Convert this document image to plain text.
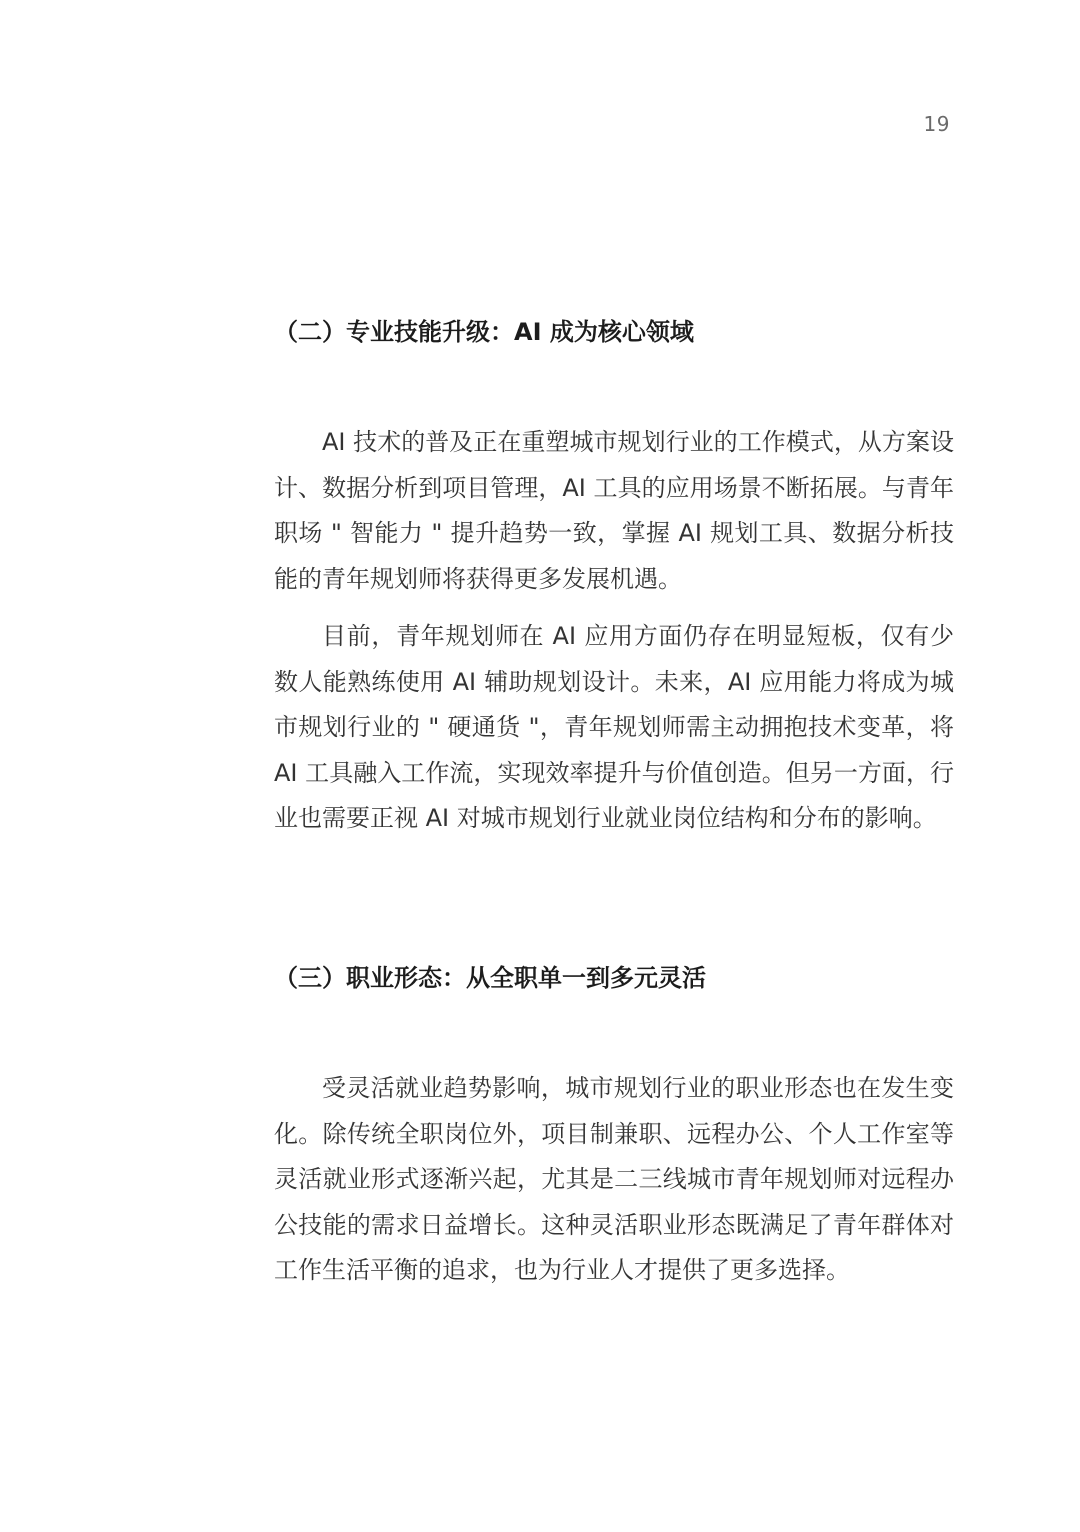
19
（二）专业技能升级：AI 成为核心领域

AI 技术的普及正在重塑城市规划行业的工作模式，从方案设计、数据分析到项目管理，AI 工具的应用场景不断拓展。与青年职场 " 智能力 " 提升趋势一致，掌握 AI 规划工具、数据分析技能的青年规划师将获得更多发展机遇。

目前，青年规划师在 AI 应用方面仍存在明显短板，仅有少数人能熟练使用 AI 辅助规划设计。未来，AI 应用能力将成为城市规划行业的 " 硬通货 "，青年规划师需主动拥抱技术变革，将 AI 工具融入工作流，实现效率提升与价值创造。但另一方面，行业也需要正视 AI 对城市规划行业就业岗位结构和分布的影响。

（三）职业形态：从全职单一到多元灵活

受灵活就业趋势影响，城市规划行业的职业形态也在发生变化。除传统全职岗位外，项目制兼职、远程办公、个人工作室等灵活就业形式逐渐兴起，尤其是二三线城市青年规划师对远程办公技能的需求日益增长。这种灵活职业形态既满足了青年群体对工作生活平衡的追求，也为行业人才提供了更多选择。
